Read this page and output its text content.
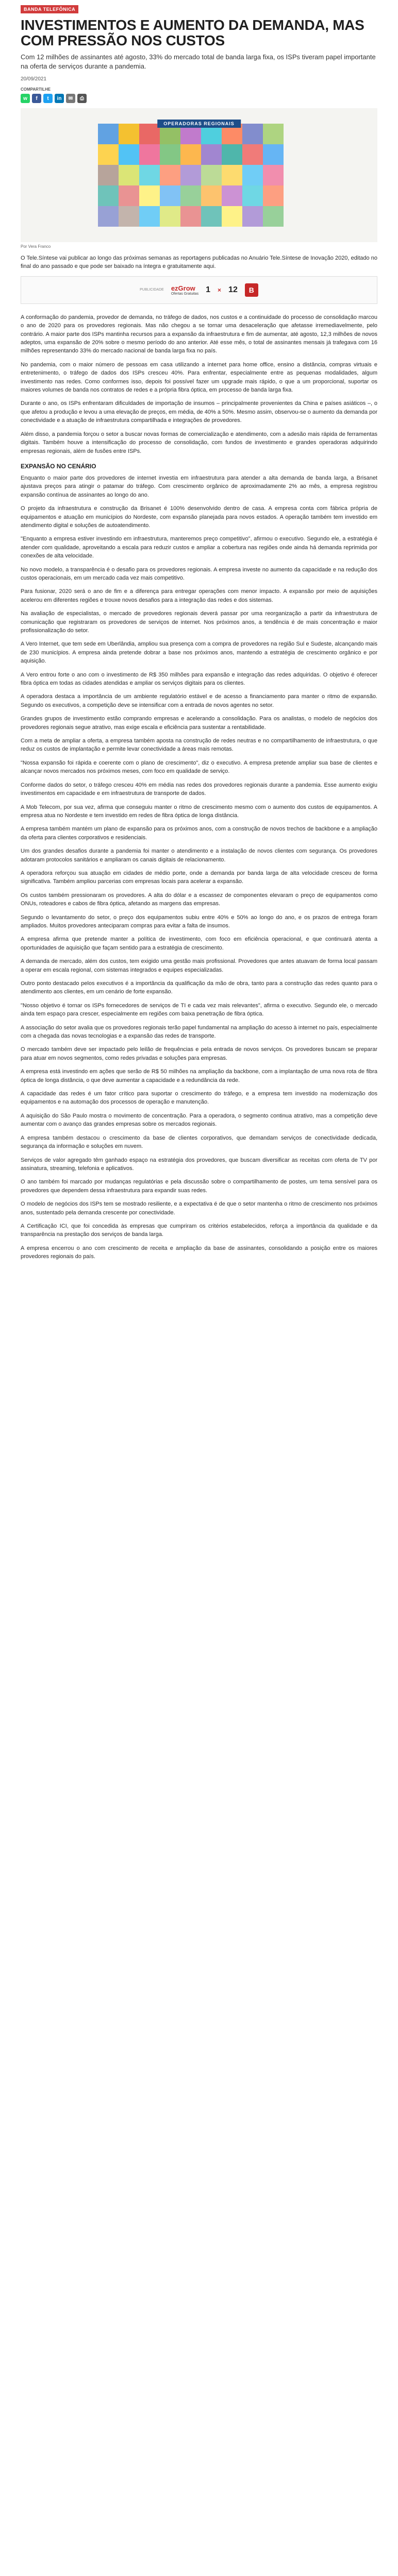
BANDA TELEFÔNICA
INVESTIMENTOS E AUMENTO DA DEMANDA, MAS COM PRESSÃO NOS CUSTOS

Com 12 milhões de assinantes até agosto, 33% do mercado total de banda larga fixa, os ISPs tiveram papel importante na oferta de serviços durante a pandemia.

20/09/2021
COMPARTILHE
w	f	t	in	✉	⎙
OPERADORAS REGIONAIS
Por Vera Franco

O Tele.Síntese vai publicar ao longo das próximas semanas as reportagens publicadas no Anuário Tele.Síntese de Inovação 2020, editado no final do ano passado e que pode ser baixado na íntegra e gratuitamente aqui.

PUBLICIDADE ezGrow
Ofertas Gratuitas 1 × 12	B

A conformação do pandemia, provedor de demanda, no tráfego de dados, nos custos e a continuidade do processo de consolidação marcou o ano de 2020 para os provedores regionais. Mas não chegou a se tornar uma desaceleração que afetasse irremediavelmente, pelo contrário. A maior parte dos ISPs mantinha recursos para a expansão da infraestrutura e fim de aumentar, até agosto, 12,3 milhões de novos adeptos, uma expansão de 20% sobre o mesmo período do ano anterior. Até esse mês, o total de assinantes mensais já trafegava com 16 milhões representando 33% do mercado nacional de banda larga fixa no país.

No pandemia, com o maior número de pessoas em casa utilizando a internet para home office, ensino a distância, compras virtuais e entretenimento, o tráfego de dados dos ISPs cresceu 40%. Para enfrentar, especialmente entre as pequenas modalidades, algum investimento nas redes. Como conformes isso, depois foi possível fazer um upgrade mais rápido, o que a um proporcional, suportar os maiores volumes de banda nos contratos de redes e a própria fibra óptica, em processo de banda larga fixa.

Durante o ano, os ISPs enfrentaram dificuldades de importação de insumos – principalmente provenientes da China e países asiáticos –, o que afetou a produção e levou a uma elevação de preços, em média, de 40% a 50%. Mesmo assim, observou-se o aumento da demanda por conectividade e a atuação de infraestrutura compartilhada e integrações de provedores.

Além disso, a pandemia forçou o setor a buscar novas formas de comercialização e atendimento, com a adesão mais rápida de ferramentas digitais. Também houve a intensificação do processo de consolidação, com fundos de investimento e grandes operadoras adquirindo empresas regionais, além de fusões entre ISPs.

EXPANSÃO NO CENÁRIO

Enquanto o maior parte dos provedores de internet investia em infraestrutura para atender a alta demanda de banda larga, a Brisanet ajustava preços para atingir o patamar do tráfego. Com crescimento orgânico de aproximadamente 2% ao mês, a empresa registrou expansão contínua de assinantes ao longo do ano.

O projeto da infraestrutura e construção da Brisanet é 100% desenvolvido dentro de casa. A empresa conta com fábrica própria de equipamentos e atuação em municípios do Nordeste, com expansão planejada para novos estados. A operação também tem investido em atendimento digital e soluções de autoatendimento.

"Enquanto a empresa estiver investindo em infraestrutura, manteremos preço competitivo", afirmou o executivo. Segundo ele, a estratégia é atender com qualidade, aproveitando a escala para reduzir custos e ampliar a cobertura nas regiões onde ainda há demanda reprimida por conexões de alta velocidade.

No novo modelo, a transparência é o desafio para os provedores regionais. A empresa investe no aumento da capacidade e na redução dos custos operacionais, em um mercado cada vez mais competitivo.

Para fusionar, 2020 será o ano de fim e a diferença para entregar operações com menor impacto. A expansão por meio de aquisições acelerou em diferentes regiões e trouxe novos desafios para a integração das redes e dos sistemas.

Na avaliação de especialistas, o mercado de provedores regionais deverá passar por uma reorganização a partir da infraestrutura de comunicação que registraram os provedores de serviços de internet. Nos próximos anos, a tendência é de mais concentração e maior profissionalização do setor.

A Vero Internet, que tem sede em Uberlândia, ampliou sua presença com a compra de provedores na região Sul e Sudeste, alcançando mais de 230 municípios. A empresa ainda pretende dobrar a base nos próximos anos, mantendo a estratégia de crescimento orgânico e por aquisição.

A Vero entrou forte o ano com o investimento de R$ 350 milhões para expansão e integração das redes adquiridas. O objetivo é oferecer fibra óptica em todas as cidades atendidas e ampliar os serviços digitais para os clientes.

A operadora destaca a importância de um ambiente regulatório estável e de acesso a financiamento para manter o ritmo de expansão. Segundo os executivos, a competição deve se intensificar com a entrada de novos agentes no setor.

Grandes grupos de investimento estão comprando empresas e acelerando a consolidação. Para os analistas, o modelo de negócios dos provedores regionais segue atrativo, mas exige escala e eficiência para sustentar a rentabilidade.

Com a meta de ampliar a oferta, a empresa também aposta na construção de redes neutras e no compartilhamento de infraestrutura, o que reduz os custos de implantação e permite levar conectividade a áreas mais remotas.

"Nossa expansão foi rápida e coerente com o plano de crescimento", diz o executivo. A empresa pretende ampliar sua base de clientes e alcançar novos mercados nos próximos meses, com foco em qualidade de serviço.

Conforme dados do setor, o tráfego cresceu 40% em média nas redes dos provedores regionais durante a pandemia. Esse aumento exigiu investimentos em capacidade e em infraestrutura de transporte de dados.

A Mob Telecom, por sua vez, afirma que conseguiu manter o ritmo de crescimento mesmo com o aumento dos custos de equipamentos. A empresa atua no Nordeste e tem investido em redes de fibra óptica de longa distância.

A empresa também mantém um plano de expansão para os próximos anos, com a construção de novos trechos de backbone e a ampliação da oferta para clientes corporativos e residenciais.

Um dos grandes desafios durante a pandemia foi manter o atendimento e a instalação de novos clientes com segurança. Os provedores adotaram protocolos sanitários e ampliaram os canais digitais de relacionamento.

A operadora reforçou sua atuação em cidades de médio porte, onde a demanda por banda larga de alta velocidade cresceu de forma significativa. Também ampliou parcerias com empresas locais para acelerar a expansão.

Os custos também pressionaram os provedores. A alta do dólar e a escassez de componentes elevaram o preço de equipamentos como ONUs, roteadores e cabos de fibra óptica, afetando as margens das empresas.

Segundo o levantamento do setor, o preço dos equipamentos subiu entre 40% e 50% ao longo do ano, e os prazos de entrega foram ampliados. Muitos provedores anteciparam compras para evitar a falta de insumos.

A empresa afirma que pretende manter a política de investimento, com foco em eficiência operacional, e que continuará atenta a oportunidades de aquisição que façam sentido para a estratégia de crescimento.

A demanda de mercado, além dos custos, tem exigido uma gestão mais profissional. Provedores que antes atuavam de forma local passam a operar em escala regional, com sistemas integrados e equipes especializadas.

Outro ponto destacado pelos executivos é a importância da qualificação da mão de obra, tanto para a construção das redes quanto para o atendimento aos clientes, em um cenário de forte expansão.

"Nosso objetivo é tornar os ISPs fornecedores de serviços de TI e cada vez mais relevantes", afirma o executivo. Segundo ele, o mercado ainda tem espaço para crescer, especialmente em regiões com baixa penetração de fibra óptica.

A associação do setor avalia que os provedores regionais terão papel fundamental na ampliação do acesso à internet no país, especialmente com a chegada das novas tecnologias e a expansão das redes de transporte.

O mercado também deve ser impactado pelo leilão de frequências e pela entrada de novos serviços. Os provedores buscam se preparar para atuar em novos segmentos, como redes privadas e soluções para empresas.

A empresa está investindo em ações que serão de R$ 50 milhões na ampliação da backbone, com a implantação de uma nova rota de fibra óptica de longa distância, o que deve aumentar a capacidade e a redundância da rede.

A capacidade das redes é um fator crítico para suportar o crescimento do tráfego, e a empresa tem investido na modernização dos equipamentos e na automação dos processos de operação e manutenção.

A aquisição do São Paulo mostra o movimento de concentração. Para a operadora, o segmento continua atrativo, mas a competição deve aumentar com o avanço das grandes empresas sobre os mercados regionais.

A empresa também destacou o crescimento da base de clientes corporativos, que demandam serviços de conectividade dedicada, segurança da informação e soluções em nuvem.

Serviços de valor agregado têm ganhado espaço na estratégia dos provedores, que buscam diversificar as receitas com oferta de TV por assinatura, streaming, telefonia e aplicativos.

O ano também foi marcado por mudanças regulatórias e pela discussão sobre o compartilhamento de postes, um tema sensível para os provedores que dependem dessa infraestrutura para expandir suas redes.

O modelo de negócios dos ISPs tem se mostrado resiliente, e a expectativa é de que o setor mantenha o ritmo de crescimento nos próximos anos, sustentado pela demanda crescente por conectividade.

A Certificação ICI, que foi concedida às empresas que cumpriram os critérios estabelecidos, reforça a importância da qualidade e da transparência na prestação dos serviços de banda larga.

A empresa encerrou o ano com crescimento de receita e ampliação da base de assinantes, consolidando a posição entre os maiores provedores regionais do país.
